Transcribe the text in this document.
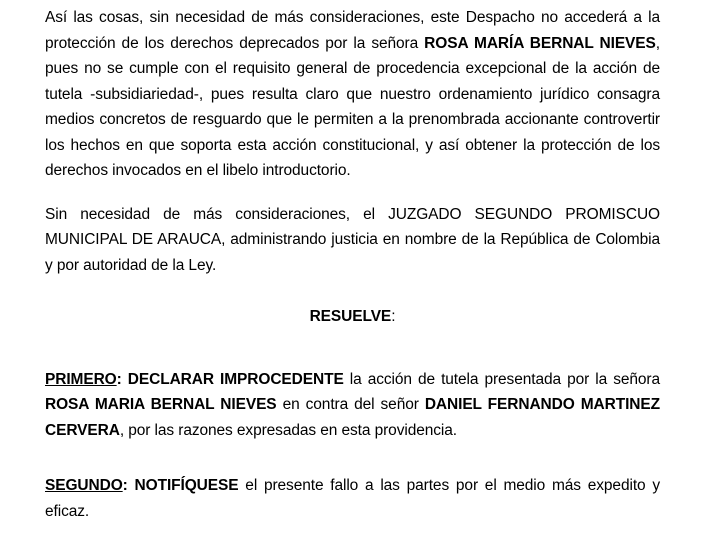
Así las cosas, sin necesidad de más consideraciones, este Despacho no accederá a la protección de los derechos deprecados por la señora ROSA MARÍA BERNAL NIEVES, pues no se cumple con el requisito general de procedencia excepcional de la acción de tutela -subsidiariedad-, pues resulta claro que nuestro ordenamiento jurídico consagra medios concretos de resguardo que le permiten a la prenombrada accionante controvertir los hechos en que soporta esta acción constitucional, y así obtener la protección de los derechos invocados en el libelo introductorio.

Sin necesidad de más consideraciones, el JUZGADO SEGUNDO PROMISCUO MUNICIPAL DE ARAUCA, administrando justicia en nombre de la República de Colombia y por autoridad de la Ley.

RESUELVE:

PRIMERO: DECLARAR IMPROCEDENTE la acción de tutela presentada por la señora ROSA MARIA BERNAL NIEVES en contra del señor DANIEL FERNANDO MARTINEZ CERVERA, por las razones expresadas en esta providencia.

SEGUNDO: NOTIFÍQUESE el presente fallo a las partes por el medio más expedito y eficaz.
